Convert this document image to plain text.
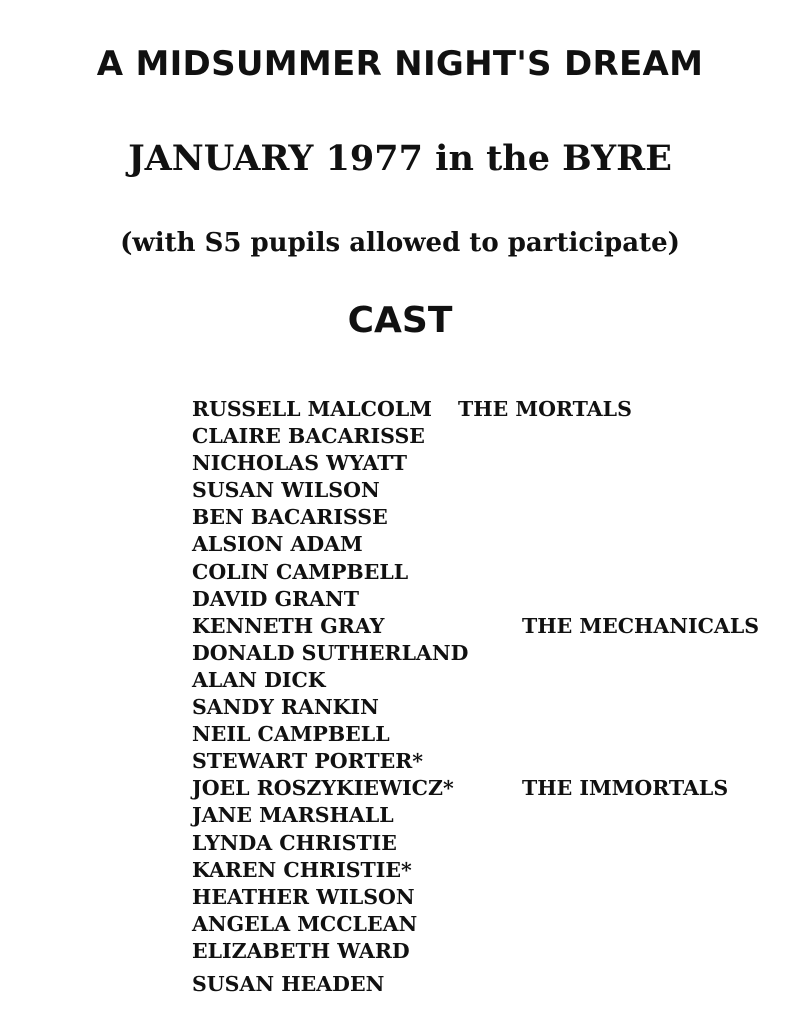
A MIDSUMMER NIGHT'S DREAM
JANUARY 1977 in the BYRE

(with S5 pupils allowed to participate)

CAST
RUSSELL MALCOLM THE MORTALS
CLAIRE BACARISSE
NICHOLAS WYATT
SUSAN WILSON
BEN BACARISSE
ALSION ADAM
COLIN CAMPBELL
DAVID GRANT
KENNETH GRAY	THE MECHANICALS
DONALD SUTHERLAND
ALAN DICK
SANDY RANKIN
NEIL CAMPBELL
STEWART PORTER*
JOEL ROSZYKIEWICZ*	THE IMMORTALS
JANE MARSHALL
LYNDA CHRISTIE
KAREN CHRISTIE*
HEATHER WILSON
ANGELA MCCLEAN
ELIZABETH WARD
SUSAN HEADEN
